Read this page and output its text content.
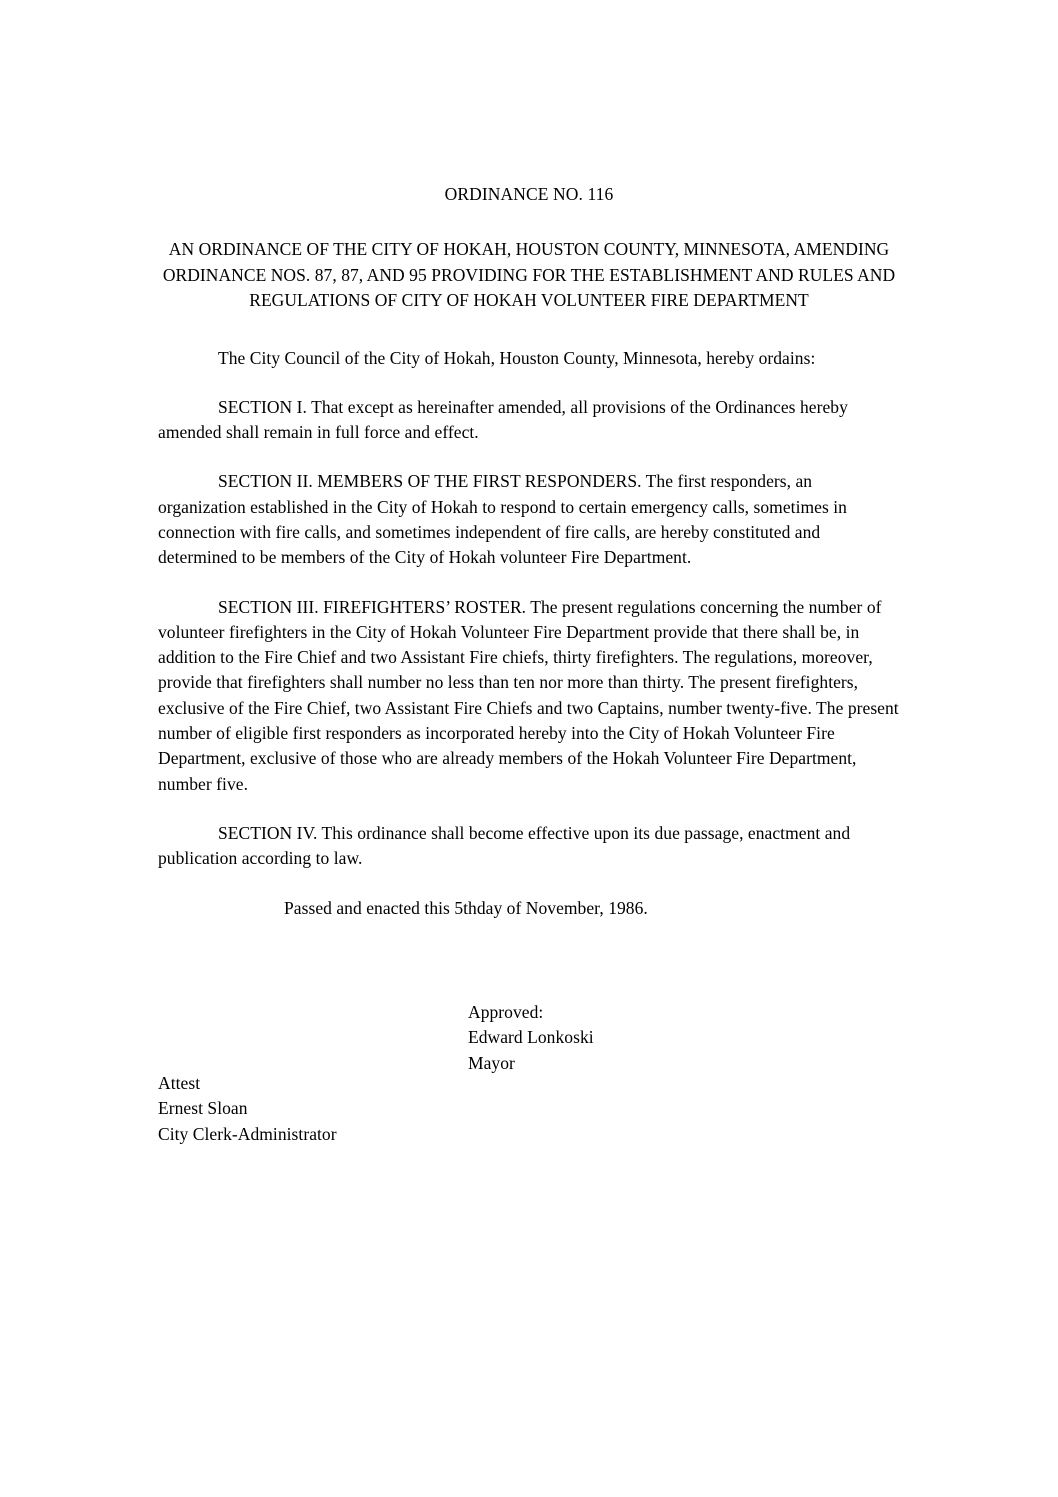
ORDINANCE NO. 116
AN ORDINANCE OF THE CITY OF HOKAH, HOUSTON COUNTY, MINNESOTA, AMENDING ORDINANCE NOS. 87, 87, AND 95 PROVIDING FOR THE ESTABLISHMENT AND RULES AND REGULATIONS OF CITY OF HOKAH VOLUNTEER FIRE DEPARTMENT

The City Council of the City of Hokah, Houston County, Minnesota, hereby ordains:

SECTION I. That except as hereinafter amended, all provisions of the Ordinances hereby amended shall remain in full force and effect.

SECTION II. MEMBERS OF THE FIRST RESPONDERS. The first responders, an organization established in the City of Hokah to respond to certain emergency calls, sometimes in connection with fire calls, and sometimes independent of fire calls, are hereby constituted and determined to be members of the City of Hokah volunteer Fire Department.

SECTION III. FIREFIGHTERS’ ROSTER. The present regulations concerning the number of volunteer firefighters in the City of Hokah Volunteer Fire Department provide that there shall be, in addition to the Fire Chief and two Assistant Fire chiefs, thirty firefighters. The regulations, moreover, provide that firefighters shall number no less than ten nor more than thirty. The present firefighters, exclusive of the Fire Chief, two Assistant Fire Chiefs and two Captains, number twenty-five. The present number of eligible first responders as incorporated hereby into the City of Hokah Volunteer Fire Department, exclusive of those who are already members of the Hokah Volunteer Fire Department, number five.

SECTION IV. This ordinance shall become effective upon its due passage, enactment and publication according to law.

Passed and enacted this 5thday of November, 1986.

Approved:
Edward Lonkoski
Mayor
Attest
Ernest Sloan
City Clerk-Administrator
